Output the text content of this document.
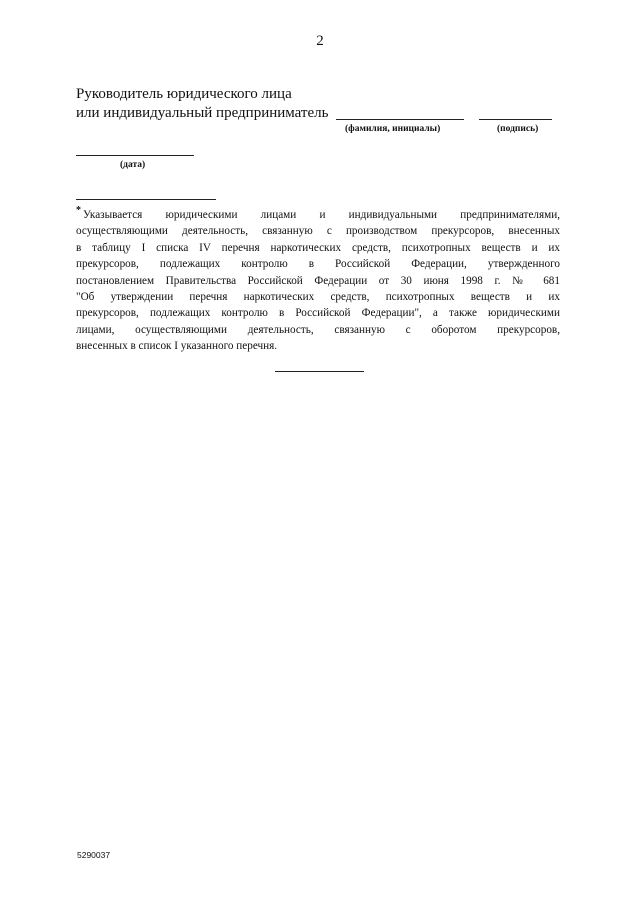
2
Руководитель юридического лица
или индивидуальный предприниматель
(фамилия, инициалы)	(подпись)
(дата)
* Указывается юридическими лицами и индивидуальными предпринимателями,
осуществляющими деятельность, связанную с производством прекурсоров, внесенных
в таблицу I списка IV перечня наркотических средств, психотропных веществ и их
прекурсоров, подлежащих контролю в Российской Федерации, утвержденного
постановлением Правительства Российской Федерации от 30 июня 1998 г. № 681
"Об утверждении перечня наркотических средств, психотропных веществ и их
прекурсоров, подлежащих контролю в Российской Федерации", а также юридическими
лицами, осуществляющими деятельность, связанную с оборотом прекурсоров,
внесенных в список I указанного перечня.
5290037
